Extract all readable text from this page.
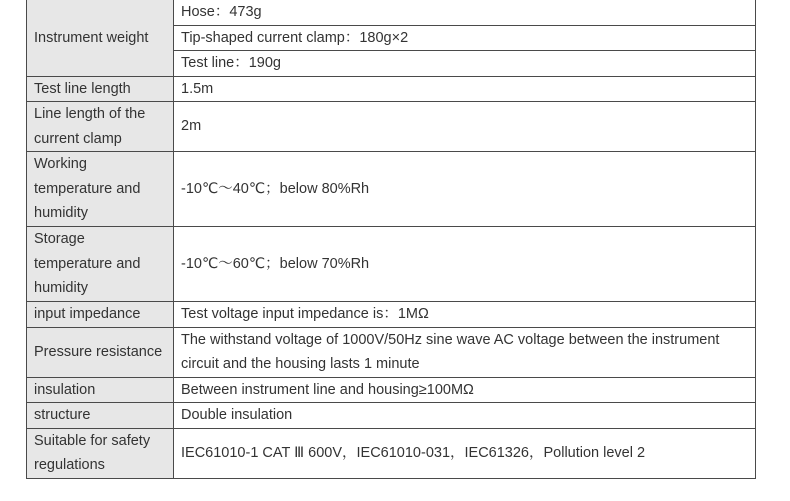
Instrument weight	Hose：473g
	Tip-shaped current clamp：180g×2
	Test line：190g
Test line length	1.5m
Line length of the current clamp	2m
Working temperature and humidity	-10℃～40℃；below 80%Rh
Storage temperature and humidity	-10℃～60℃；below 70%Rh
input impedance	Test voltage input impedance is：1MΩ
Pressure resistance	The withstand voltage of 1000V/50Hz sine wave AC voltage between the instrument circuit and the housing lasts 1 minute
insulation	Between instrument line and housing≥100MΩ
structure	Double insulation
Suitable for safety regulations	IEC61010-1 CAT Ⅲ 600V，IEC61010-031，IEC61326，Pollution level 2
